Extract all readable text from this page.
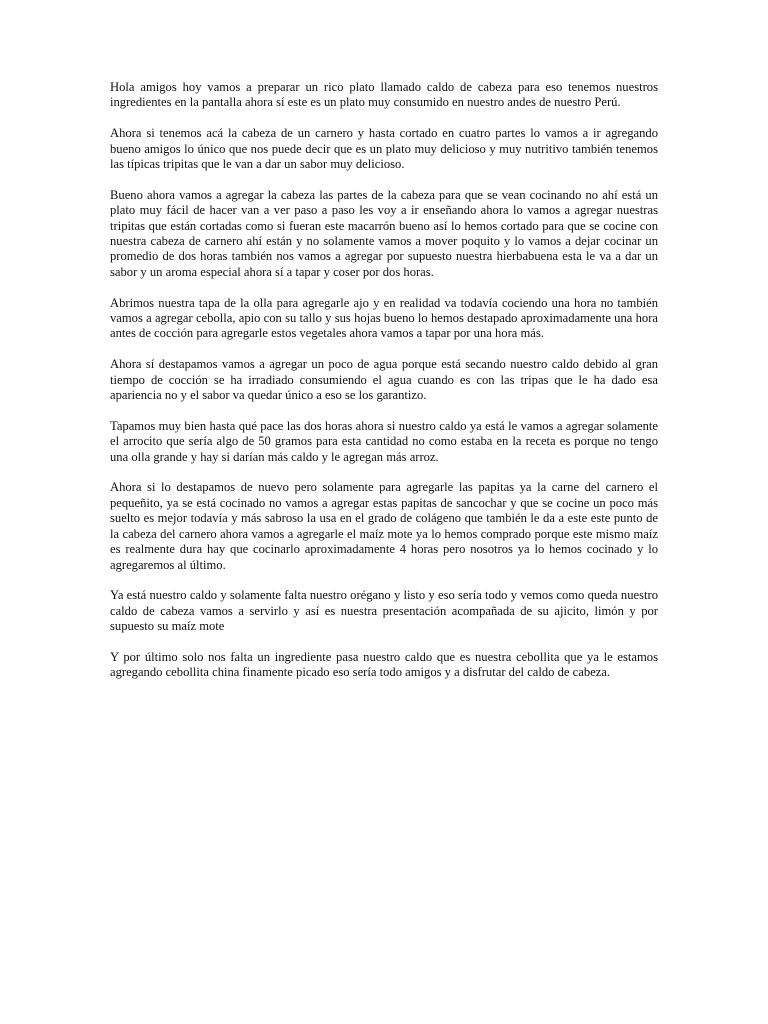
Hola amigos hoy vamos a preparar un rico plato llamado caldo de cabeza para eso tenemos nuestros ingredientes en la pantalla ahora sí este es un plato muy consumido en nuestro andes de nuestro Perú.

Ahora si tenemos acá la cabeza de un carnero y hasta cortado en cuatro partes lo vamos a ir agregando bueno amigos lo único que nos puede decir que es un plato muy delicioso y muy nutritivo también tenemos las típicas tripitas que le van a dar un sabor muy delicioso.

Bueno ahora vamos a agregar la cabeza las partes de la cabeza para que se vean cocinando no ahí está un plato muy fácil de hacer van a ver paso a paso les voy a ir enseñando ahora lo vamos a agregar nuestras tripitas que están cortadas como si fueran este macarrón bueno así lo hemos cortado para que se cocine con nuestra cabeza de carnero ahí están y no solamente vamos a mover poquito y lo vamos a dejar cocinar un promedio de dos horas también nos vamos a agregar por supuesto nuestra hierbabuena esta le va a dar un sabor y un aroma especial ahora sí a tapar y coser por dos horas.

Abrimos nuestra tapa de la olla para agregarle ajo y en realidad va todavía cociendo una hora no también vamos a agregar cebolla, apio con su tallo y sus hojas bueno lo hemos destapado aproximadamente una hora antes de cocción para agregarle estos vegetales ahora vamos a tapar por una hora más.

Ahora sí destapamos vamos a agregar un poco de agua porque está secando nuestro caldo debido al gran tiempo de cocción se ha irradiado consumiendo el agua cuando es con las tripas que le ha dado esa apariencia no y el sabor va quedar único a eso se los garantizo.

Tapamos muy bien hasta qué pace las dos horas ahora si nuestro caldo ya está le vamos a agregar solamente el arrocito que sería algo de 50 gramos para esta cantidad no como estaba en la receta es porque no tengo una olla grande y hay si darían más caldo y le agregan más arroz.

Ahora si lo destapamos de nuevo pero solamente para agregarle las papitas ya la carne del carnero el pequeñito, ya se está cocinado no vamos a agregar estas papitas de sancochar y que se cocine un poco más suelto es mejor todavía y más sabroso la usa en el grado de colágeno que también le da a este este punto de la cabeza del carnero ahora vamos a agregarle el maíz mote ya lo hemos comprado porque este mismo maíz es realmente dura hay que cocinarlo aproximadamente 4 horas pero nosotros ya lo hemos cocinado y lo agregaremos al último.

Ya está nuestro caldo y solamente falta nuestro orégano y listo y eso sería todo y vemos como queda nuestro caldo de cabeza vamos a servirlo y así es nuestra presentación acompañada de su ajicito, limón y por supuesto su maíz mote

Y por último solo nos falta un ingrediente pasa nuestro caldo que es nuestra cebollita que ya le estamos agregando cebollita china finamente picado eso sería todo amigos y a disfrutar del caldo de cabeza.
